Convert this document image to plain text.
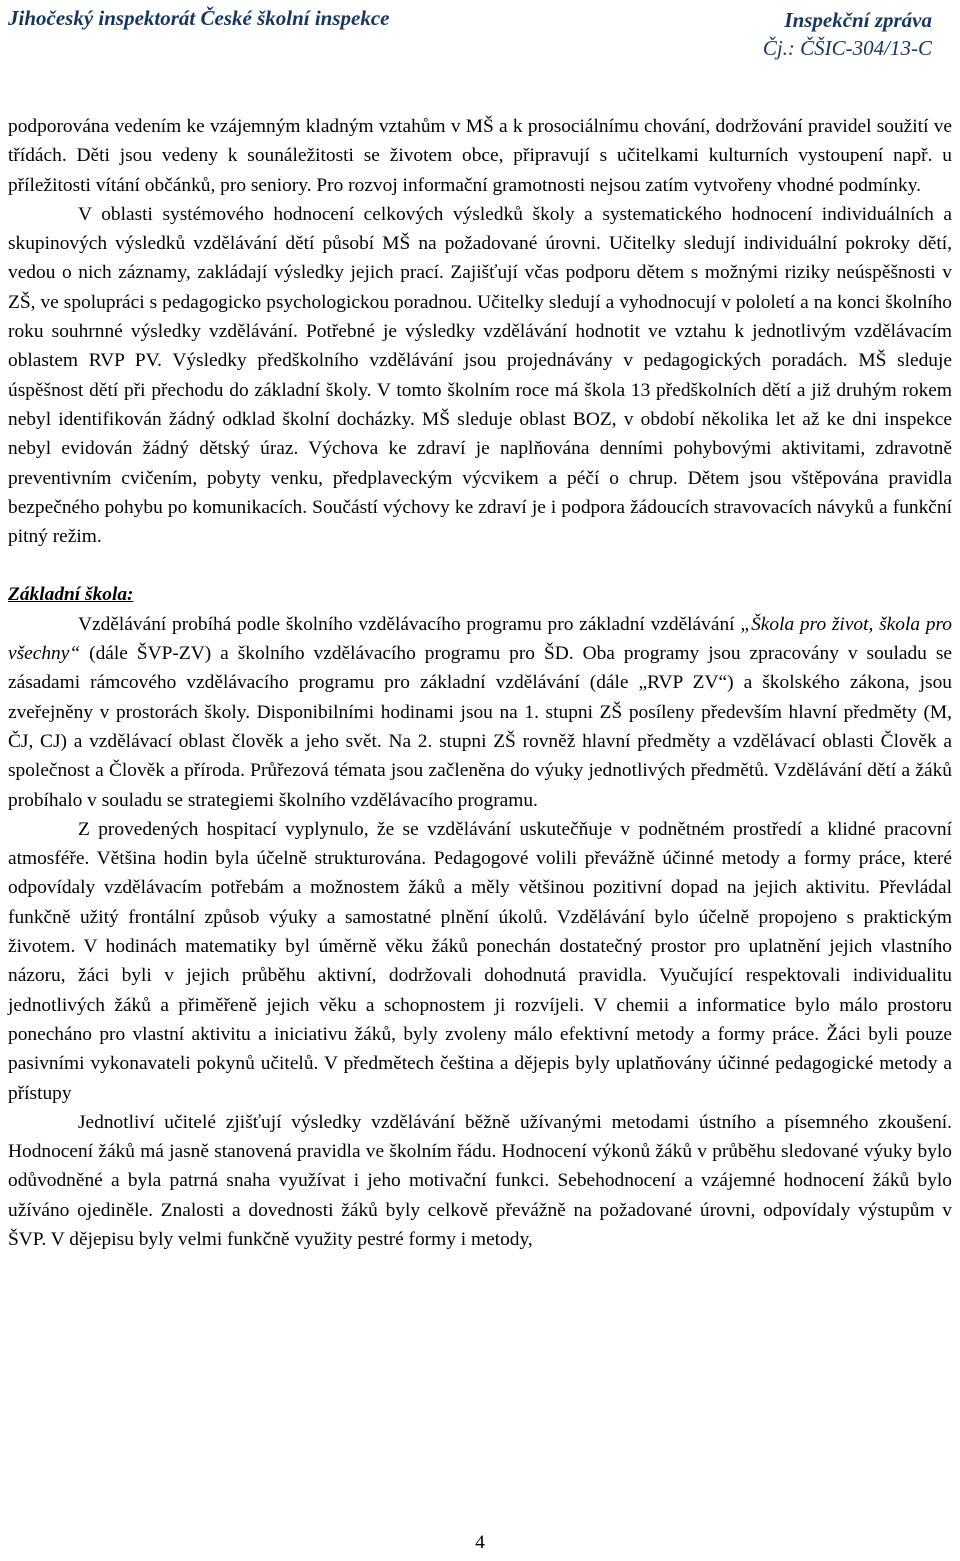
Jihočeský inspektorát České školní inspekce	Inspekční zpráva
Čj.: ČŠIC-304/13-C

podporována vedením ke vzájemným kladným vztahům v MŠ a k prosociálnímu chování, dodržování pravidel soužití ve třídách. Děti jsou vedeny k sounáležitosti se životem obce, připravují s učitelkami kulturních vystoupení např. u příležitosti vítání občánků, pro seniory. Pro rozvoj informační gramotnosti nejsou zatím vytvořeny vhodné podmínky.

V oblasti systémového hodnocení celkových výsledků školy a systematického hodnocení individuálních a skupinových výsledků vzdělávání dětí působí MŠ na požadované úrovni. Učitelky sledují individuální pokroky dětí, vedou o nich záznamy, zakládají výsledky jejich prací. Zajišťují včas podporu dětem s možnými riziky neúspěšnosti v ZŠ, ve spolupráci s pedagogicko psychologickou poradnou. Učitelky sledují a vyhodnocují v pololetí a na konci školního roku souhrnné výsledky vzdělávání. Potřebné je výsledky vzdělávání hodnotit ve vztahu k jednotlivým vzdělávacím oblastem RVP PV. Výsledky předškolního vzdělávání jsou projednávány v pedagogických poradách. MŠ sleduje úspěšnost dětí při přechodu do základní školy. V tomto školním roce má škola 13 předškolních dětí a již druhým rokem nebyl identifikován žádný odklad školní docházky. MŠ sleduje oblast BOZ, v období několika let až ke dni inspekce nebyl evidován žádný dětský úraz. Výchova ke zdraví je naplňována denními pohybovými aktivitami, zdravotně preventivním cvičením, pobyty venku, předplaveckým výcvikem a péčí o chrup. Dětem jsou vštěpována pravidla bezpečného pohybu po komunikacích. Součástí výchovy ke zdraví je i podpora žádoucích stravovacích návyků a funkční pitný režim.

Základní škola:

Vzdělávání probíhá podle školního vzdělávacího programu pro základní vzdělávání „Škola pro život, škola pro všechny“ (dále ŠVP-ZV) a školního vzdělávacího programu pro ŠD. Oba programy jsou zpracovány v souladu se zásadami rámcového vzdělávacího programu pro základní vzdělávání (dále „RVP ZV“) a školského zákona, jsou zveřejněny v prostorách školy. Disponibilními hodinami jsou na 1. stupni ZŠ posíleny především hlavní předměty (M, ČJ, CJ) a vzdělávací oblast člověk a jeho svět. Na 2. stupni ZŠ rovněž hlavní předměty a vzdělávací oblasti Člověk a společnost a Člověk a příroda. Průřezová témata jsou začleněna do výuky jednotlivých předmětů. Vzdělávání dětí a žáků probíhalo v souladu se strategiemi školního vzdělávacího programu.

Z provedených hospitací vyplynulo, že se vzdělávání uskutečňuje v podnětném prostředí a klidné pracovní atmosféře. Většina hodin byla účelně strukturována. Pedagogové volili převážně účinné metody a formy práce, které odpovídaly vzdělávacím potřebám a možnostem žáků a měly většinou pozitivní dopad na jejich aktivitu. Převládal funkčně užitý frontální způsob výuky a samostatné plnění úkolů. Vzdělávání bylo účelně propojeno s praktickým životem. V hodinách matematiky byl úměrně věku žáků ponechán dostatečný prostor pro uplatnění jejich vlastního názoru, žáci byli v jejich průběhu aktivní, dodržovali dohodnutá pravidla. Vyučující respektovali individualitu jednotlivých žáků a přiměřeně jejich věku a schopnostem ji rozvíjeli. V chemii a informatice bylo málo prostoru ponecháno pro vlastní aktivitu a iniciativu žáků, byly zvoleny málo efektivní metody a formy práce. Žáci byli pouze pasivními vykonavateli pokynů učitelů. V předmětech čeština a dějepis byly uplatňovány účinné pedagogické metody a přístupy

Jednotliví učitelé zjišťují výsledky vzdělávání běžně užívanými metodami ústního a písemného zkoušení. Hodnocení žáků má jasně stanovená pravidla ve školním řádu. Hodnocení výkonů žáků v průběhu sledované výuky bylo odůvodněné a byla patrná snaha využívat i jeho motivační funkci. Sebehodnocení a vzájemné hodnocení žáků bylo užíváno ojediněle. Znalosti a dovednosti žáků byly celkově převážně na požadované úrovni, odpovídaly výstupům v ŠVP. V dějepisu byly velmi funkčně využity pestré formy i metody,

4
